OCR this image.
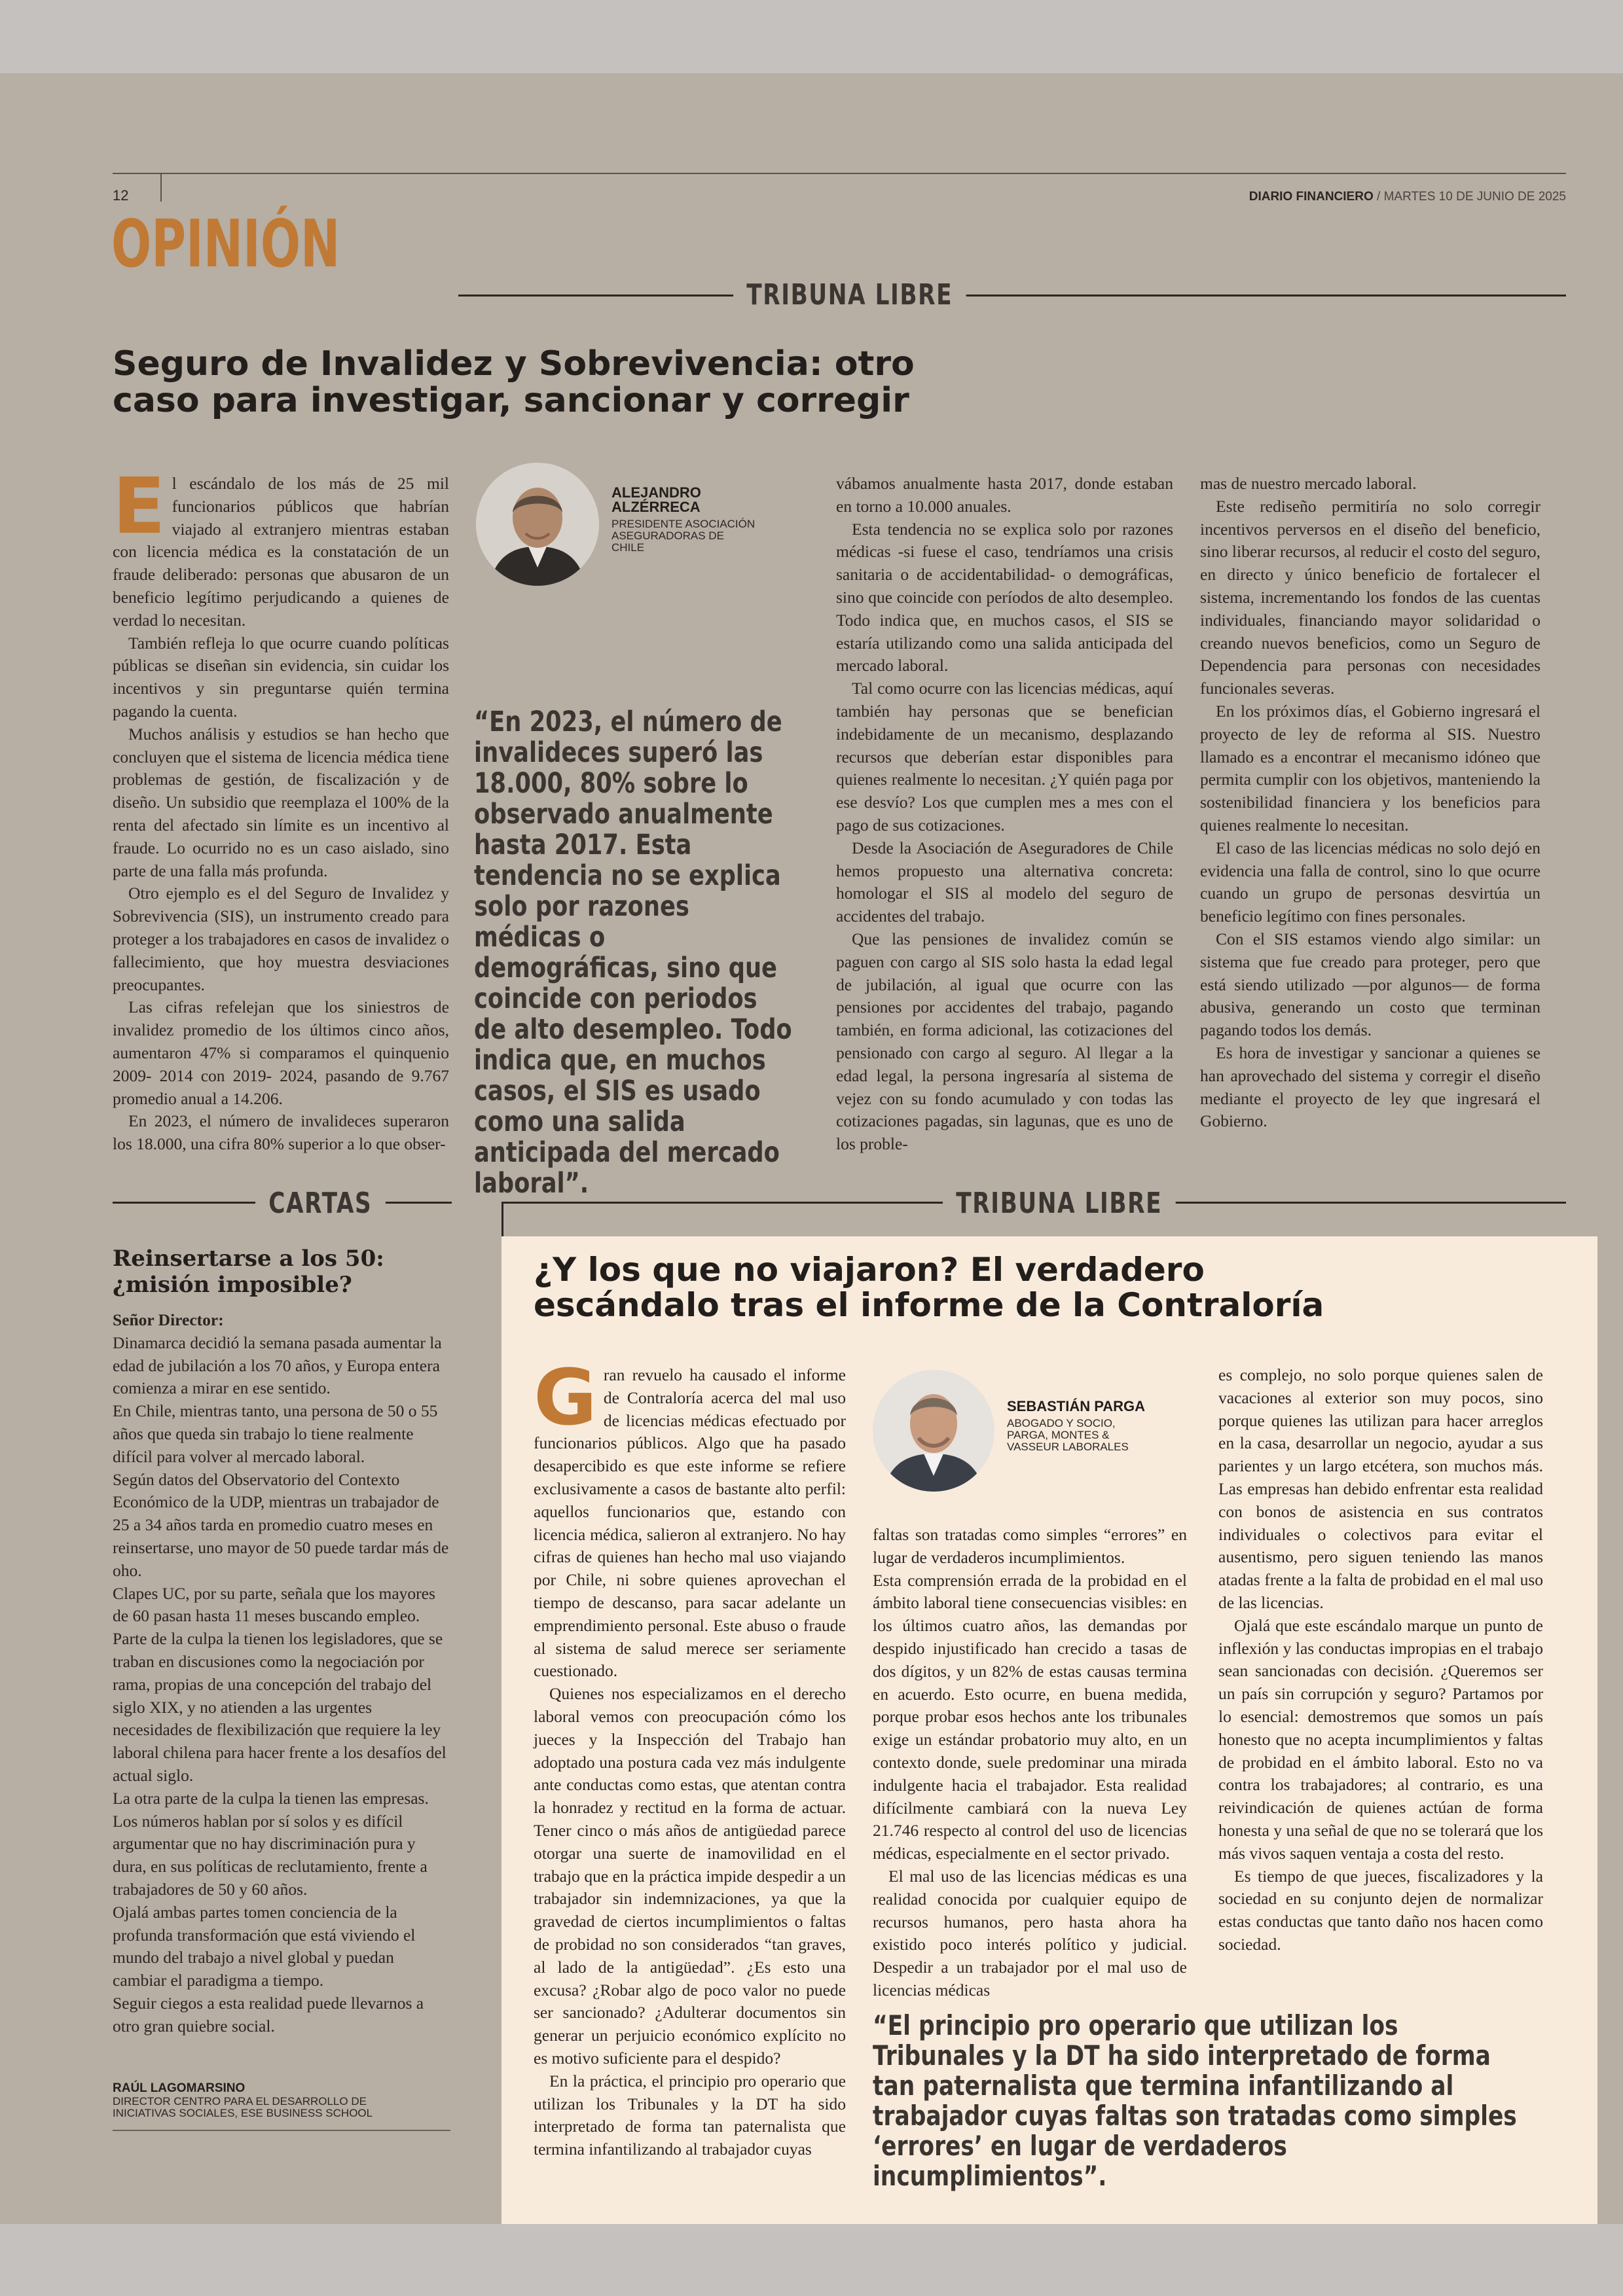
12	DIARIO FINANCIERO / MARTES 10 DE JUNIO DE 2025
OPINIÓN
TRIBUNA LIBRE
Seguro de Invalidez y Sobrevivencia: otro
caso para investigar, sancionar y corregir
E l escándalo de los más de 25 mil funcionarios públicos que habrían viajado al extranjero mientras estaban con licencia médica es la constatación de un fraude deliberado: personas que abusaron de un beneficio legítimo perjudicando a quienes de verdad lo necesitan.

También refleja lo que ocurre cuando políticas públicas se diseñan sin evidencia, sin cuidar los incentivos y sin preguntarse quién termina pagando la cuenta.

Muchos análisis y estudios se han hecho que concluyen que el sistema de licencia médica tiene problemas de gestión, de fiscalización y de diseño. Un subsidio que reemplaza el 100% de la renta del afectado sin límite es un incentivo al fraude. Lo ocurrido no es un caso aislado, sino parte de una falla más profunda.

Otro ejemplo es el del Seguro de Invalidez y Sobrevivencia (SIS), un instrumento creado para proteger a los trabajadores en casos de invalidez o fallecimiento, que hoy muestra desviaciones preocupantes.

Las cifras refelejan que los siniestros de invalidez promedio de los últimos cinco años, aumentaron 47% si comparamos el quinquenio 2009- 2014 con 2019- 2024, pasando de 9.767 promedio anual a 14.206.

En 2023, el número de invalideces superaron los 18.000, una cifra 80% superior a lo que obser-

ALEJANDRO
ALZÉRRECA
PRESIDENTE ASOCIACIÓN
ASEGURADORAS DE
CHILE
“En 2023, el número de invalideces superó las 18.000, 80% sobre lo observado anualmente hasta 2017. Esta tendencia no se explica solo por razones médicas o demográficas, sino que coincide con periodos de alto desempleo. Todo indica que, en muchos casos, el SIS es usado como una salida anticipada del mercado laboral”.

vábamos anualmente hasta 2017, donde estaban en torno a 10.000 anuales.

Esta tendencia no se explica solo por razones médicas -si fuese el caso, tendríamos una crisis sanitaria o de accidentabilidad- o demográficas, sino que coincide con períodos de alto desempleo. Todo indica que, en muchos casos, el SIS se estaría utilizando como una salida anticipada del mercado laboral.

Tal como ocurre con las licencias médicas, aquí también hay personas que se benefician indebidamente de un mecanismo, desplazando recursos que deberían estar disponibles para quienes realmente lo necesitan. ¿Y quién paga por ese desvío? Los que cumplen mes a mes con el pago de sus cotizaciones.

Desde la Asociación de Aseguradores de Chile hemos propuesto una alternativa concreta: homologar el SIS al modelo del seguro de accidentes del trabajo.

Que las pensiones de invalidez común se paguen con cargo al SIS solo hasta la edad legal de jubilación, al igual que ocurre con las pensiones por accidentes del trabajo, pagando también, en forma adicional, las cotizaciones del pensionado con cargo al seguro. Al llegar a la edad legal, la persona ingresaría al sistema de vejez con su fondo acumulado y con todas las cotizaciones pagadas, sin lagunas, que es uno de los proble-

mas de nuestro mercado laboral.

Este rediseño permitiría no solo corregir incentivos perversos en el diseño del beneficio, sino liberar recursos, al reducir el costo del seguro, en directo y único beneficio de fortalecer el sistema, incrementando los fondos de las cuentas individuales, financiando mayor solidaridad o creando nuevos beneficios, como un Seguro de Dependencia para personas con necesidades funcionales severas.

En los próximos días, el Gobierno ingresará el proyecto de ley de reforma al SIS. Nuestro llamado es a encontrar el mecanismo idóneo que permita cumplir con los objetivos, manteniendo la sostenibilidad financiera y los beneficios para quienes realmente lo necesitan.

El caso de las licencias médicas no solo dejó en evidencia una falla de control, sino lo que ocurre cuando un grupo de personas desvirtúa un beneficio legítimo con fines personales.

Con el SIS estamos viendo algo similar: un sistema que fue creado para proteger, pero que está siendo utilizado —por algunos— de forma abusiva, generando un costo que terminan pagando todos los demás.

Es hora de investigar y sancionar a quienes se han aprovechado del sistema y corregir el diseño mediante el proyecto de ley que ingresará el Gobierno.

CARTAS	TRIBUNA LIBRE
Reinsertarse a los 50:
¿misión imposible?

Señor Director:

Dinamarca decidió la semana pasada aumentar la edad de jubilación a los 70 años, y Europa entera comienza a mirar en ese sentido.

En Chile, mientras tanto, una persona de 50 o 55 años que queda sin trabajo lo tiene realmente difícil para volver al mercado laboral.

Según datos del Observatorio del Contexto Económico de la UDP, mientras un trabajador de 25 a 34 años tarda en promedio cuatro meses en reinsertarse, uno mayor de 50 puede tardar más de oho.

Clapes UC, por su parte, señala que los mayores de 60 pasan hasta 11 meses buscando empleo.

Parte de la culpa la tienen los legisladores, que se traban en discusiones como la negociación por rama, propias de una concepción del trabajo del siglo XIX, y no atienden a las urgentes necesidades de flexibilización que requiere la ley laboral chilena para hacer frente a los desafíos del actual siglo.

La otra parte de la culpa la tienen las empresas. Los números hablan por sí solos y es difícil argumentar que no hay discriminación pura y dura, en sus políticas de reclutamiento, frente a trabajadores de 50 y 60 años.

Ojalá ambas partes tomen conciencia de la profunda transformación que está viviendo el mundo del trabajo a nivel global y puedan cambiar el paradigma a tiempo.

Seguir ciegos a esta realidad puede llevarnos a otro gran quiebre social.

RAÚL LAGOMARSINO
DIRECTOR CENTRO PARA EL DESARROLLO DE
INICIATIVAS SOCIALES, ESE BUSINESS SCHOOL
¿Y los que no viajaron? El verdadero
escándalo tras el informe de la Contraloría
G ran revuelo ha causado el informe de Contraloría acerca del mal uso de licencias médicas efectuado por funcionarios públicos. Algo que ha pasado desapercibido es que este informe se refiere exclusivamente a casos de bastante alto perfil: aquellos funcionarios que, estando con licencia médica, salieron al extranjero. No hay cifras de quienes han hecho mal uso viajando por Chile, ni sobre quienes aprovechan el tiempo de descanso, para sacar adelante un emprendimiento personal. Este abuso o fraude al sistema de salud merece ser seriamente cuestionado.

Quienes nos especializamos en el derecho laboral vemos con preocupación cómo los jueces y la Inspección del Trabajo han adoptado una postura cada vez más indulgente ante conductas como estas, que atentan contra la honradez y rectitud en la forma de actuar. Tener cinco o más años de antigüedad parece otorgar una suerte de inamovilidad en el trabajo que en la práctica impide despedir a un trabajador sin indemnizaciones, ya que la gravedad de ciertos incumplimientos o faltas de probidad no son considerados “tan graves, al lado de la antigüedad”. ¿Es esto una excusa? ¿Robar algo de poco valor no puede ser sancionado? ¿Adulterar documentos sin generar un perjuicio económico explícito no es motivo suficiente para el despido?

En la práctica, el principio pro operario que utilizan los Tribunales y la DT ha sido interpretado de forma tan paternalista que termina infantilizando al trabajador cuyas

SEBASTIÁN PARGA
ABOGADO Y SOCIO,
PARGA, MONTES &
VASSEUR LABORALES

faltas son tratadas como simples “errores” en lugar de verdaderos incumplimientos.

Esta comprensión errada de la probidad en el ámbito laboral tiene consecuencias visibles: en los últimos cuatro años, las demandas por despido injustificado han crecido a tasas de dos dígitos, y un 82% de estas causas termina en acuerdo. Esto ocurre, en buena medida, porque probar esos hechos ante los tribunales exige un estándar probatorio muy alto, en un contexto donde, suele predominar una mirada indulgente hacia el trabajador. Esta realidad difícilmente cambiará con la nueva Ley 21.746 respecto al control del uso de licencias médicas, especialmente en el sector privado.

El mal uso de las licencias médicas es una realidad conocida por cualquier equipo de recursos humanos, pero hasta ahora ha existido poco interés político y judicial. Despedir a un trabajador por el mal uso de licencias médicas

es complejo, no solo porque quienes salen de vacaciones al exterior son muy pocos, sino porque quienes las utilizan para hacer arreglos en la casa, desarrollar un negocio, ayudar a sus parientes y un largo etcétera, son muchos más. Las empresas han debido enfrentar esta realidad con bonos de asistencia en sus contratos individuales o colectivos para evitar el ausentismo, pero siguen teniendo las manos atadas frente a la falta de probidad en el mal uso de las licencias.

Ojalá que este escándalo marque un punto de inflexión y las conductas impropias en el trabajo sean sancionadas con decisión. ¿Queremos ser un país sin corrupción y seguro? Partamos por lo esencial: demostremos que somos un país honesto que no acepta incumplimientos y faltas de probidad en el ámbito laboral. Esto no va contra los trabajadores; al contrario, es una reivindicación de quienes actúan de forma honesta y una señal de que no se tolerará que los más vivos saquen ventaja a costa del resto.

Es tiempo de que jueces, fiscalizadores y la sociedad en su conjunto dejen de normalizar estas conductas que tanto daño nos hacen como sociedad.

“El principio pro operario que utilizan los Tribunales y la DT ha sido interpretado de forma tan paternalista que termina infantilizando al trabajador cuyas faltas son tratadas como simples ‘errores’ en lugar de verdaderos incumplimientos”.
